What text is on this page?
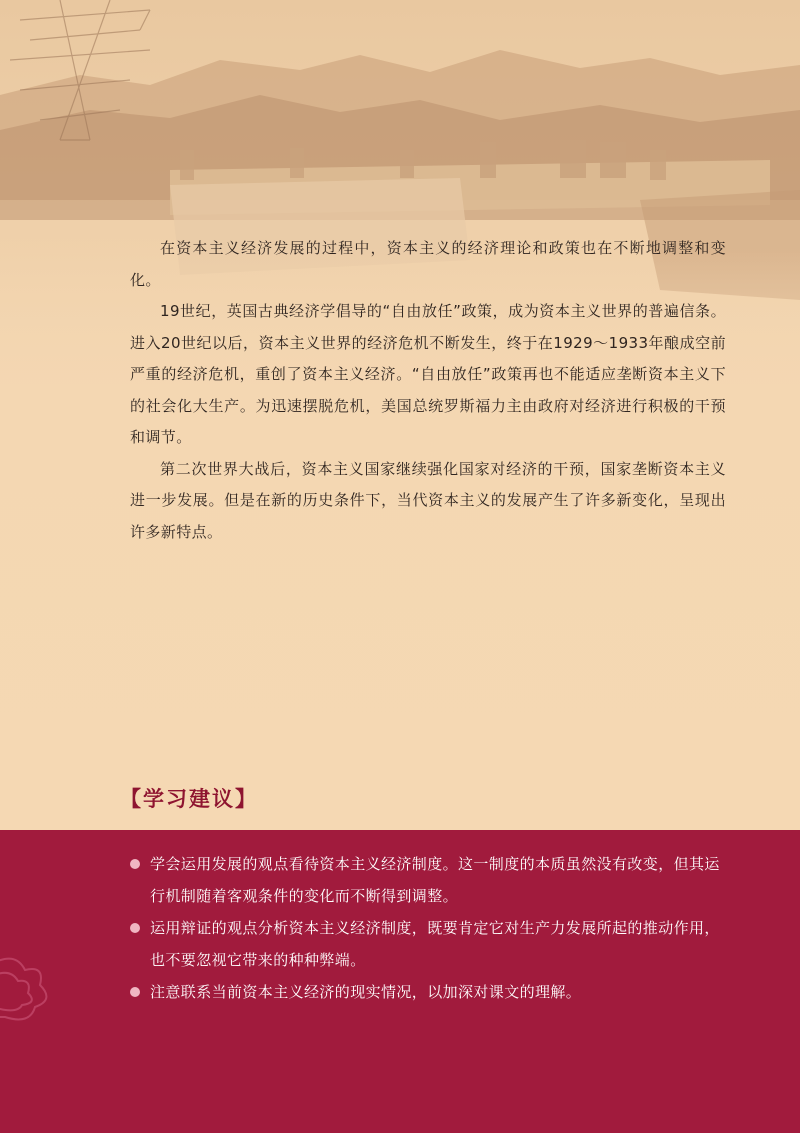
在资本主义经济发展的过程中，资本主义的经济理论和政策也在不断地调整和变化。

19世纪，英国古典经济学倡导的“自由放任”政策，成为资本主义世界的普遍信条。进入20世纪以后，资本主义世界的经济危机不断发生，终于在1929～1933年酿成空前严重的经济危机，重创了资本主义经济。“自由放任”政策再也不能适应垄断资本主义下的社会化大生产。为迅速摆脱危机，美国总统罗斯福力主由政府对经济进行积极的干预和调节。

第二次世界大战后，资本主义国家继续强化国家对经济的干预，国家垄断资本主义进一步发展。但是在新的历史条件下，当代资本主义的发展产生了许多新变化，呈现出许多新特点。

【学习建议】
学会运用发展的观点看待资本主义经济制度。这一制度的本质虽然没有改变，但其运行机制随着客观条件的变化而不断得到调整。
运用辩证的观点分析资本主义经济制度，既要肯定它对生产力发展所起的推动作用，也不要忽视它带来的种种弊端。
注意联系当前资本主义经济的现实情况，以加深对课文的理解。
